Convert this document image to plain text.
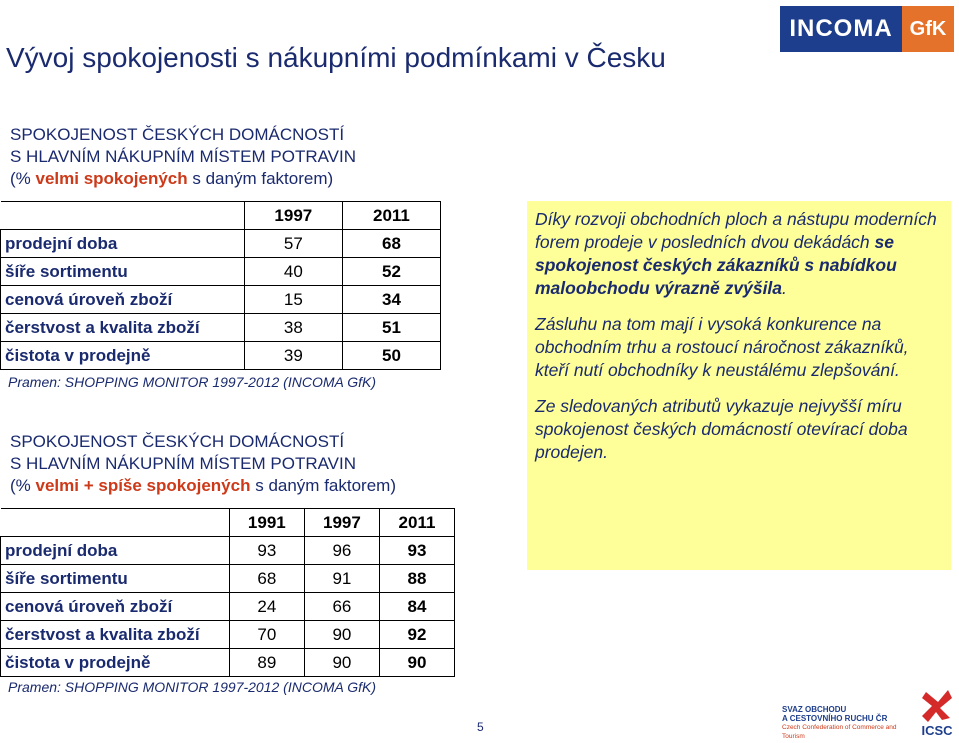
Vývoj spokojenosti s nákupními podmínkami v Česku
INCOMA GfK
SPOKOJENOST ČESKÝCH DOMÁCNOSTÍ
S HLAVNÍM NÁKUPNÍM MÍSTEM POTRAVIN
(% velmi spokojených s daným faktorem)
	1997	2011
prodejní doba	57	68
šíře sortimentu	40	52
cenová úroveň zboží	15	34
čerstvost a kvalita zboží	38	51
čistota v prodejně	39	50
Pramen: SHOPPING MONITOR 1997-2012 (INCOMA GfK)
SPOKOJENOST ČESKÝCH DOMÁCNOSTÍ
S HLAVNÍM NÁKUPNÍM MÍSTEM POTRAVIN
(% velmi + spíše spokojených s daným faktorem)
	1991	1997	2011
prodejní doba	93	96	93
šíře sortimentu	68	91	88
cenová úroveň zboží	24	66	84
čerstvost a kvalita zboží	70	90	92
čistota v prodejně	89	90	90
Pramen: SHOPPING MONITOR 1997-2012 (INCOMA GfK)

Díky rozvoji obchodních ploch a nástupu moderních forem prodeje v posledních dvou dekádách se spokojenost českých zákazníků s nabídkou maloobchodu výrazně zvýšila.

Zásluhu na tom mají i vysoká konkurence na obchodním trhu a rostoucí náročnost zákazníků, kteří nutí obchodníky k neustálému zlepšování.

Ze sledovaných atributů vykazuje nejvyšší míru spokojenost českých domácností otevírací doba prodejen.

5
SVAZ OBCHODU
A CESTOVNÍHO RUCHU ČR
Czech Confederation of Commerce and Tourism	ICSC
